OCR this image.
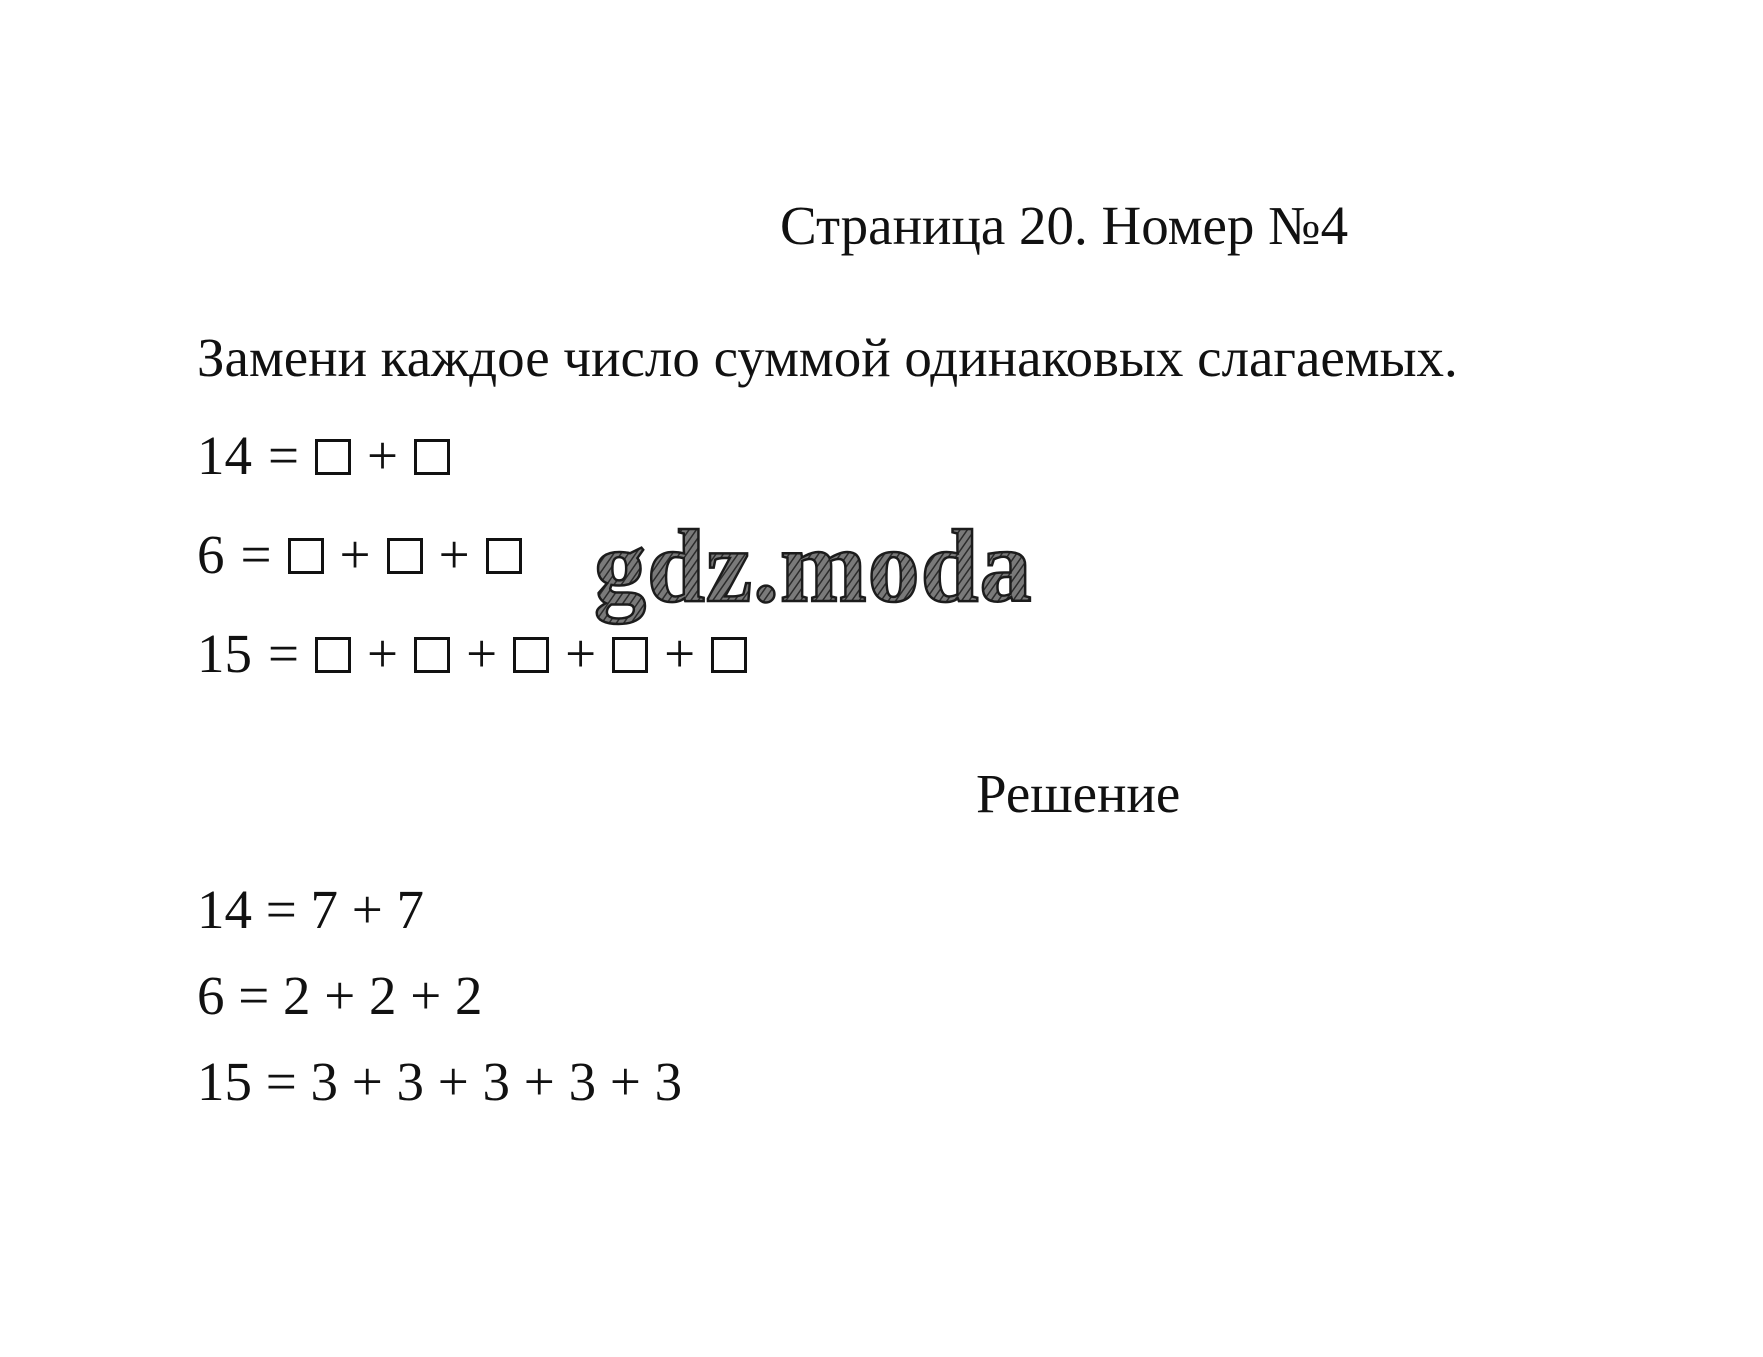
Страница 20. Номер №4
Замени каждое число суммой одинаковых слагаемых.
14 = +
6 = + +
15 = + + + +
gdz.moda
Решение
14 = 7 + 7
6 = 2 + 2 + 2
15 = 3 + 3 + 3 + 3 + 3
